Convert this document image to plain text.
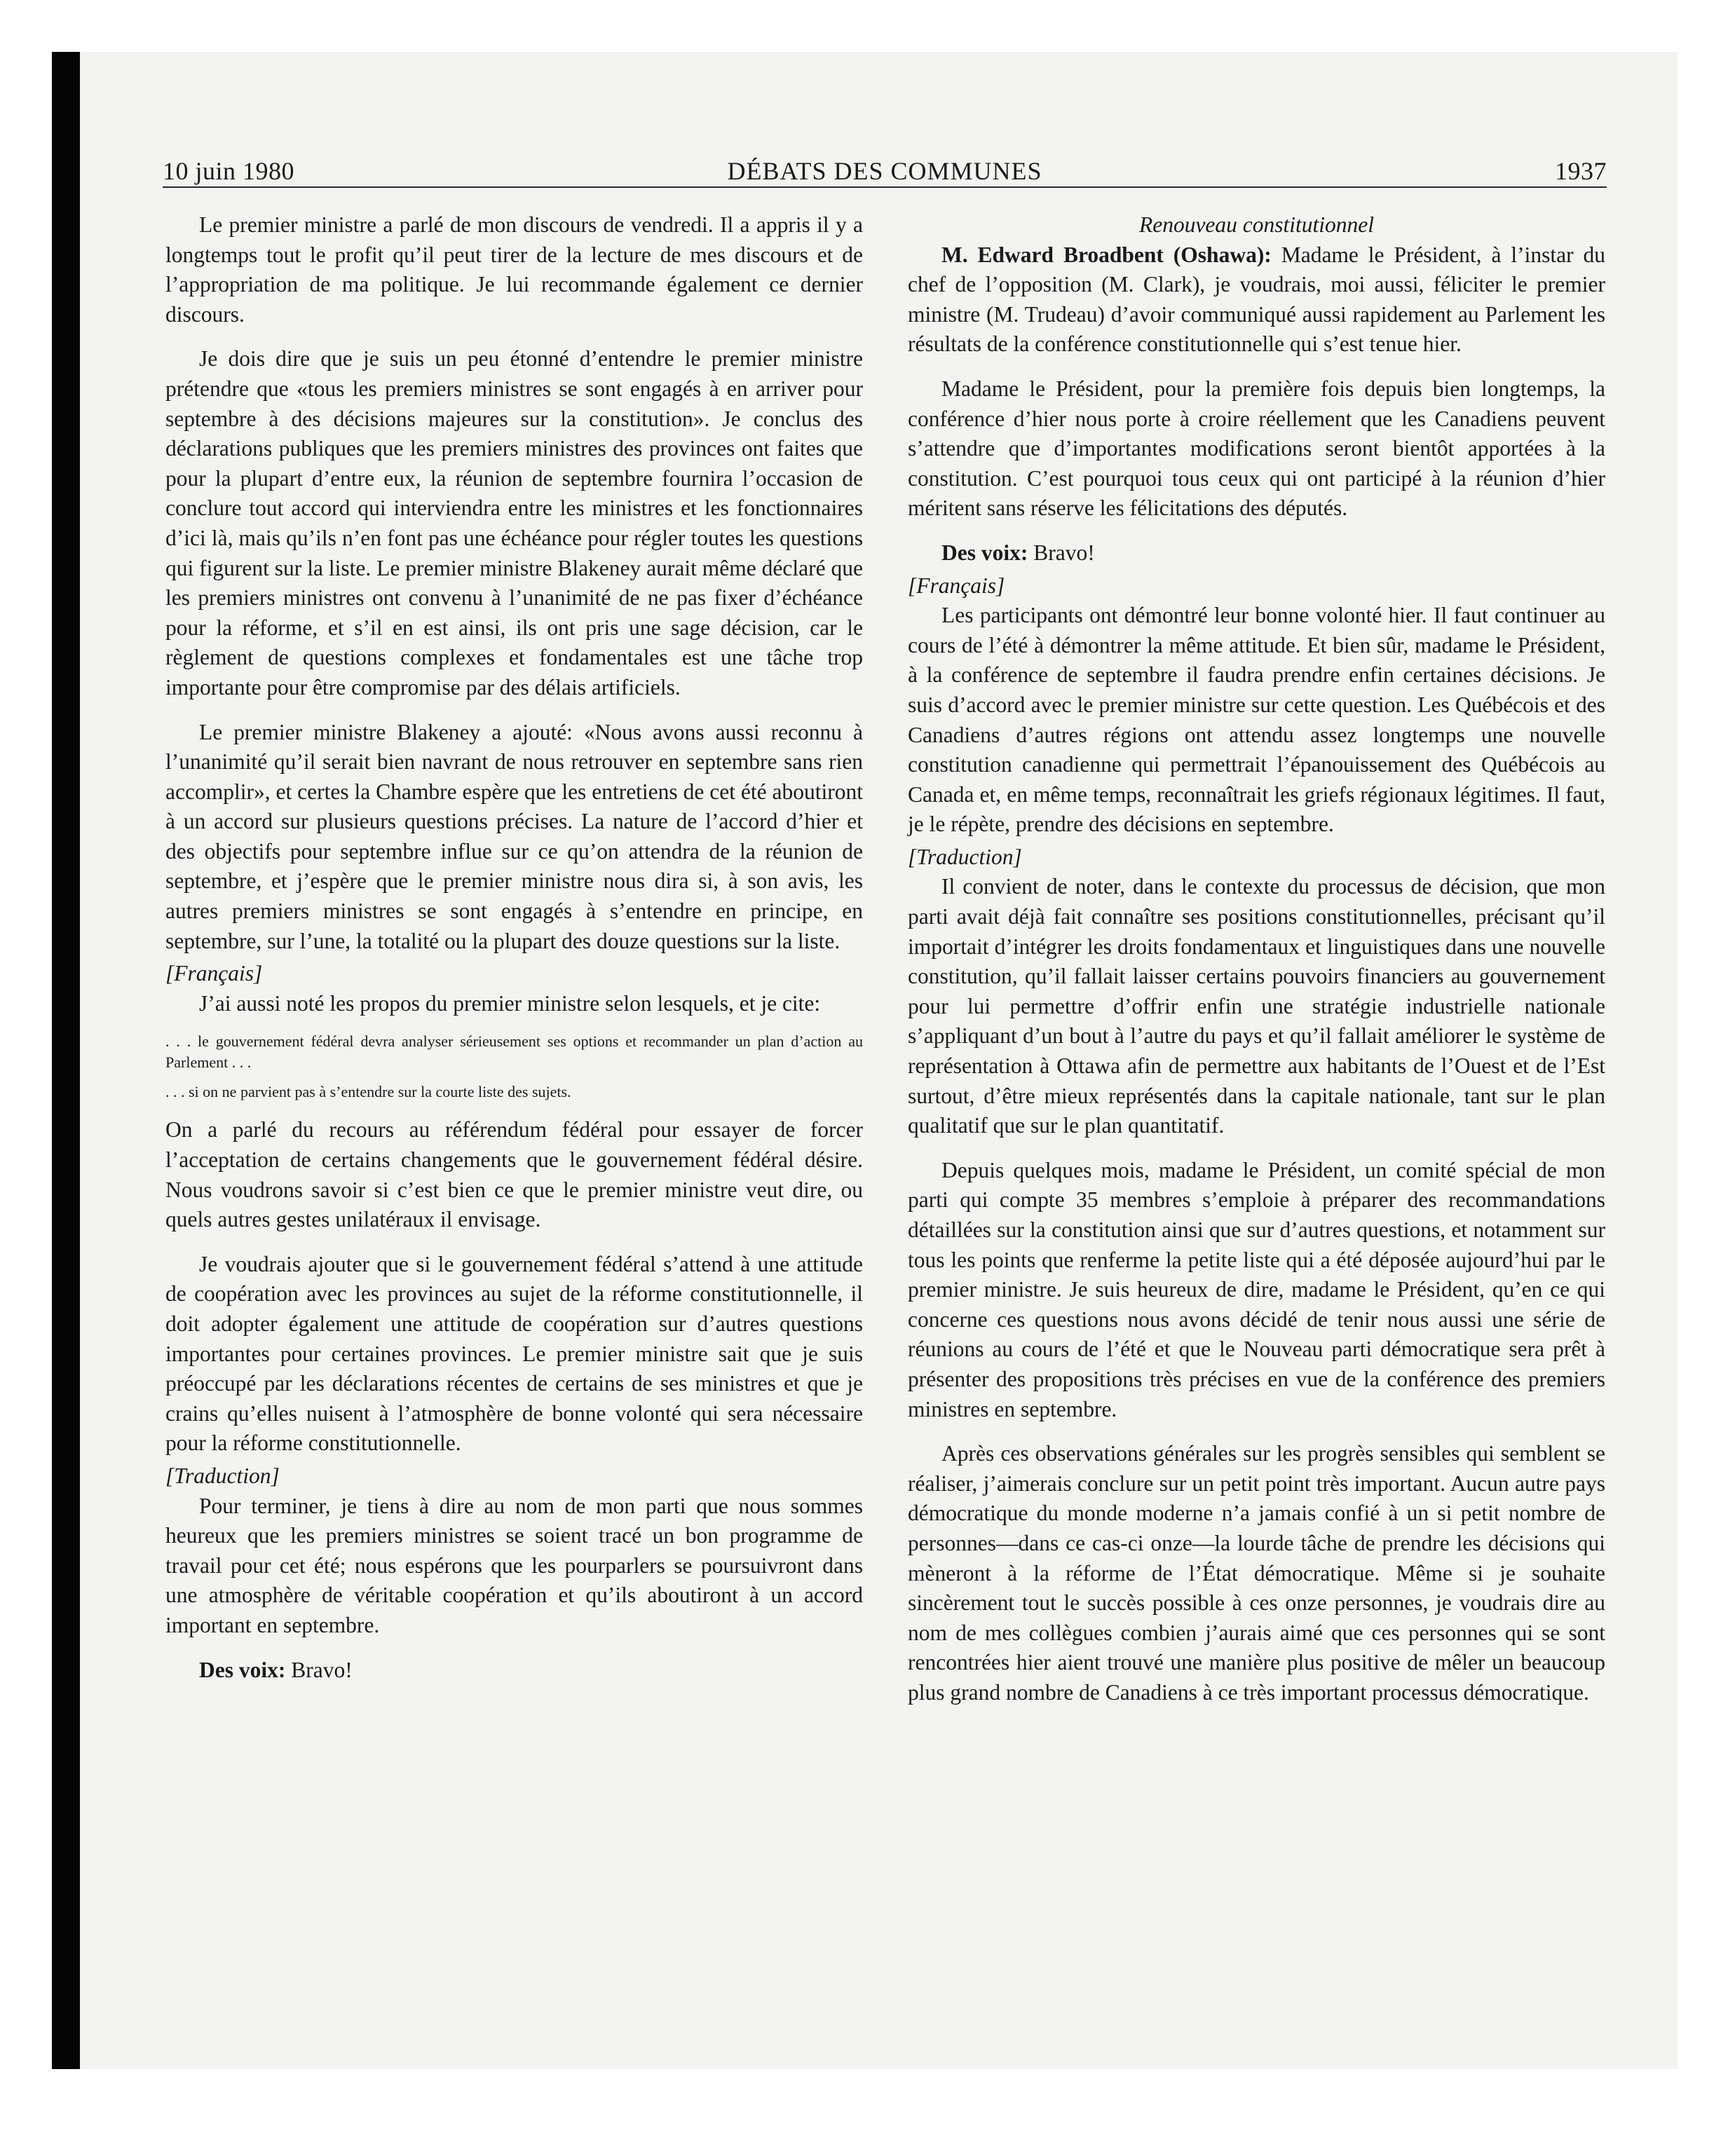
10 juin 1980	DÉBATS DES COMMUNES	1937

Le premier ministre a parlé de mon discours de vendredi. Il a appris il y a longtemps tout le profit qu’il peut tirer de la lecture de mes discours et de l’appropriation de ma politique. Je lui recommande également ce dernier discours.

Je dois dire que je suis un peu étonné d’entendre le premier ministre prétendre que «tous les premiers ministres se sont engagés à en arriver pour septembre à des décisions majeures sur la constitution». Je conclus des déclarations publiques que les premiers ministres des provinces ont faites que pour la plupart d’entre eux, la réunion de septembre fournira l’occasion de conclure tout accord qui interviendra entre les ministres et les fonctionnaires d’ici là, mais qu’ils n’en font pas une échéance pour régler toutes les questions qui figurent sur la liste. Le premier ministre Blakeney aurait même déclaré que les premiers ministres ont convenu à l’unanimité de ne pas fixer d’échéance pour la réforme, et s’il en est ainsi, ils ont pris une sage décision, car le règlement de questions complexes et fondamentales est une tâche trop importante pour être compromise par des délais artificiels.

Le premier ministre Blakeney a ajouté: «Nous avons aussi reconnu à l’unanimité qu’il serait bien navrant de nous retrouver en septembre sans rien accomplir», et certes la Chambre espère que les entretiens de cet été aboutiront à un accord sur plusieurs questions précises. La nature de l’accord d’hier et des objectifs pour septembre influe sur ce qu’on attendra de la réunion de septembre, et j’espère que le premier ministre nous dira si, à son avis, les autres premiers ministres se sont engagés à s’entendre en principe, en septembre, sur l’une, la totalité ou la plupart des douze questions sur la liste.

[Français]

J’ai aussi noté les propos du premier ministre selon lesquels, et je cite:

. . . le gouvernement fédéral devra analyser sérieusement ses options et recommander un plan d’action au Parlement . . .

. . . si on ne parvient pas à s’entendre sur la courte liste des sujets.

On a parlé du recours au référendum fédéral pour essayer de forcer l’acceptation de certains changements que le gouvernement fédéral désire. Nous voudrons savoir si c’est bien ce que le premier ministre veut dire, ou quels autres gestes unilatéraux il envisage.

Je voudrais ajouter que si le gouvernement fédéral s’attend à une attitude de coopération avec les provinces au sujet de la réforme constitutionnelle, il doit adopter également une attitude de coopération sur d’autres questions importantes pour certaines provinces. Le premier ministre sait que je suis préoccupé par les déclarations récentes de certains de ses ministres et que je crains qu’elles nuisent à l’atmosphère de bonne volonté qui sera nécessaire pour la réforme constitutionnelle.

[Traduction]

Pour terminer, je tiens à dire au nom de mon parti que nous sommes heureux que les premiers ministres se soient tracé un bon programme de travail pour cet été; nous espérons que les pourparlers se poursuivront dans une atmosphère de véritable coopération et qu’ils aboutiront à un accord important en septembre.

Des voix: Bravo!

Renouveau constitutionnel

M. Edward Broadbent (Oshawa): Madame le Président, à l’instar du chef de l’opposition (M. Clark), je voudrais, moi aussi, féliciter le premier ministre (M. Trudeau) d’avoir communiqué aussi rapidement au Parlement les résultats de la conférence constitutionnelle qui s’est tenue hier.

Madame le Président, pour la première fois depuis bien longtemps, la conférence d’hier nous porte à croire réellement que les Canadiens peuvent s’attendre que d’importantes modifications seront bientôt apportées à la constitution. C’est pourquoi tous ceux qui ont participé à la réunion d’hier méritent sans réserve les félicitations des députés.

Des voix: Bravo!

[Français]

Les participants ont démontré leur bonne volonté hier. Il faut continuer au cours de l’été à démontrer la même attitude. Et bien sûr, madame le Président, à la conférence de septembre il faudra prendre enfin certaines décisions. Je suis d’accord avec le premier ministre sur cette question. Les Québécois et des Canadiens d’autres régions ont attendu assez longtemps une nouvelle constitution canadienne qui permettrait l’épanouissement des Québécois au Canada et, en même temps, reconnaîtrait les griefs régionaux légitimes. Il faut, je le répète, prendre des décisions en septembre.

[Traduction]

Il convient de noter, dans le contexte du processus de décision, que mon parti avait déjà fait connaître ses positions constitutionnelles, précisant qu’il importait d’intégrer les droits fondamentaux et linguistiques dans une nouvelle constitution, qu’il fallait laisser certains pouvoirs financiers au gouvernement pour lui permettre d’offrir enfin une stratégie industrielle nationale s’appliquant d’un bout à l’autre du pays et qu’il fallait améliorer le système de représentation à Ottawa afin de permettre aux habitants de l’Ouest et de l’Est surtout, d’être mieux représentés dans la capitale nationale, tant sur le plan qualitatif que sur le plan quantitatif.

Depuis quelques mois, madame le Président, un comité spécial de mon parti qui compte 35 membres s’emploie à préparer des recommandations détaillées sur la constitution ainsi que sur d’autres questions, et notamment sur tous les points que renferme la petite liste qui a été déposée aujourd’hui par le premier ministre. Je suis heureux de dire, madame le Président, qu’en ce qui concerne ces questions nous avons décidé de tenir nous aussi une série de réunions au cours de l’été et que le Nouveau parti démocratique sera prêt à présenter des propositions très précises en vue de la conférence des premiers ministres en septembre.

Après ces observations générales sur les progrès sensibles qui semblent se réaliser, j’aimerais conclure sur un petit point très important. Aucun autre pays démocratique du monde moderne n’a jamais confié à un si petit nombre de personnes—dans ce cas-ci onze—la lourde tâche de prendre les décisions qui mèneront à la réforme de l’État démocratique. Même si je souhaite sincèrement tout le succès possible à ces onze personnes, je voudrais dire au nom de mes collègues combien j’aurais aimé que ces personnes qui se sont rencontrées hier aient trouvé une manière plus positive de mêler un beaucoup plus grand nombre de Canadiens à ce très important processus démocratique.
